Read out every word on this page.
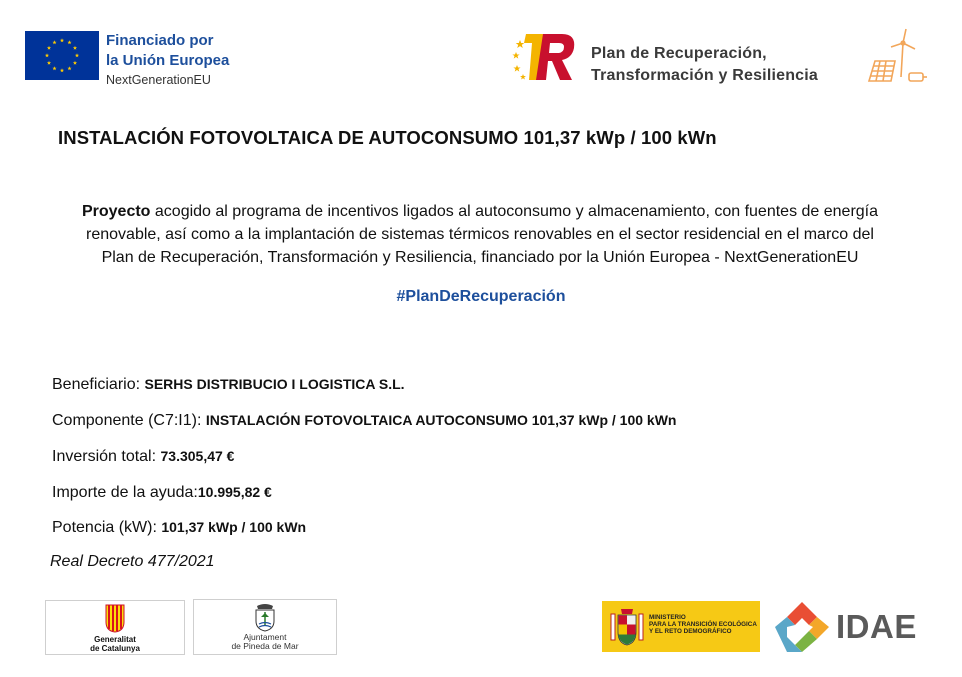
Financiado por
la Unión Europea
NextGenerationEU
Plan de Recuperación,
Transformación y Resiliencia
INSTALACIÓN FOTOVOLTAICA DE AUTOCONSUMO 101,37 kWp / 100 kWn
Proyecto acogido al programa de incentivos ligados al autoconsumo y almacenamiento, con fuentes de energía
renovable, así como a la implantación de sistemas térmicos renovables en el sector residencial en el marco del
Plan de Recuperación, Transformación y Resiliencia, financiado por la Unión Europea - NextGenerationEU
#PlanDeRecuperación
Beneficiario: SERHS DISTRIBUCIO I LOGISTICA S.L.
Componente (C7:I1): INSTALACIÓN FOTOVOLTAICA AUTOCONSUMO 101,37 kWp / 100 kWn
Inversión total: 73.305,47 €
Importe de la ayuda:10.995,82 €
Potencia (kW): 101,37 kWp / 100 kWn
Real Decreto 477/2021
Generalitat
de Catalunya
Ajuntament
de Pineda de Mar
MINISTERIO
PARA LA TRANSICIÓN ECOLÓGICA
Y EL RETO DEMOGRÁFICO	IDAE
